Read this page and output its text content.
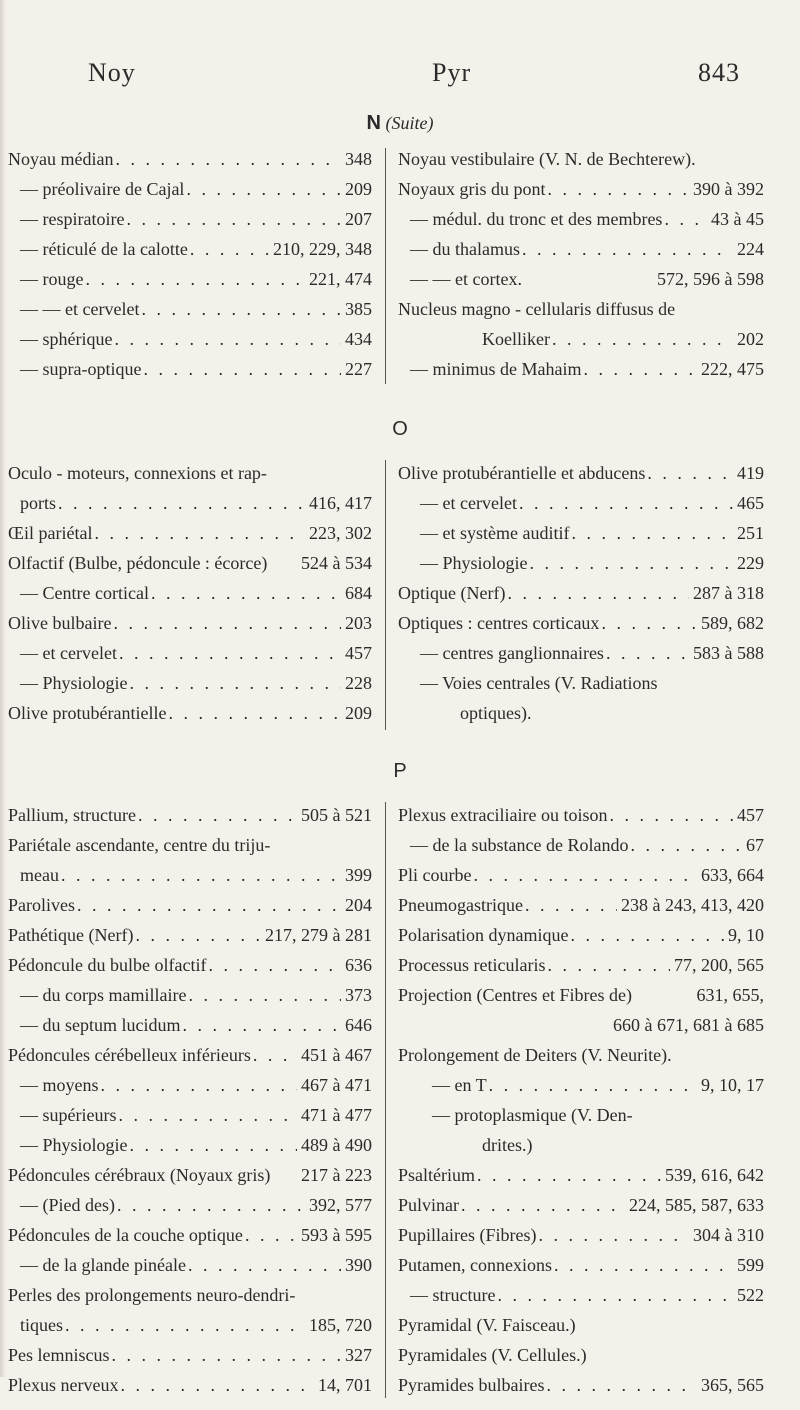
Noy	Pyr	843
N (Suite)
Noyau médian . . .	348
— préolivaire de Cajal . . .	209
— respiratoire . . .	207
— réticulé de la calotte . . .	210, 229, 348
— rouge . . .	221, 474
— — et cervelet . . .	385
— sphérique . . .	434
— supra-optique . . .	227
Noyau vestibulaire (V. N. de Bechterew).
Noyaux gris du pont . . .	390 à 392
— médul. du tronc et des membres . . .	43 à 45
— du thalamus . . .	224
— — et cortex.	572, 596 à 598
Nucleus magno - cellularis diffusus de
Koelliker . . .	202
— minimus de Mahaim . . .	222, 475
O
Oculo - moteurs, connexions et rap-
ports . . .	416, 417
Œil pariétal . . .	223, 302
Olfactif (Bulbe, pédoncule : écorce) 524 à 534
— Centre cortical . . .	684
Olive bulbaire . . .	203
— et cervelet . . .	457
— Physiologie . . .	228
Olive protubérantielle . . .	209
Olive protubérantielle et abducens . . .	419
— et cervelet . . .	465
— et système auditif . . .	251
— Physiologie . . .	229
Optique (Nerf) . . .	287 à 318
Optiques : centres corticaux . . .	589, 682
— centres ganglionnaires . . .	583 à 588
— Voies centrales (V. Radiations
optiques).
P
Pallium, structure . . .	505 à 521
Pariétale ascendante, centre du triju-
meau . . .	399
Parolives . . .	204
Pathétique (Nerf) . . .	217, 279 à 281
Pédoncule du bulbe olfactif . . .	636
— du corps mamillaire . . .	373
— du septum lucidum . . .	646
Pédoncules cérébelleux inférieurs . . .	451 à 467
— moyens . . .	467 à 471
— supérieurs . . .	471 à 477
— Physiologie . . .	489 à 490
Pédoncules cérébraux (Noyaux gris) 217 à 223
— (Pied des) . . .	392, 577
Pédoncules de la couche optique . . .	593 à 595
— de la glande pinéale . . .	390
Perles des prolongements neuro-dendri-
tiques . . .	185, 720
Pes lemniscus . . .	327
Plexus nerveux . . .	14, 701
Plexus extraciliaire ou toison . . .	457
— de la substance de Rolando . . .	67
Pli courbe . . .	633, 664
Pneumogastrique . . .	238 à 243, 413, 420
Polarisation dynamique . . .	9, 10
Processus reticularis . . .	77, 200, 565
Projection (Centres et Fibres de)	631, 655,
660 à 671, 681 à 685
Prolongement de Deiters (V. Neurite).
— en T . . .	9, 10, 17
— protoplasmique (V. Den-
drites.)
Psaltérium . . .	539, 616, 642
Pulvinar . . .	224, 585, 587, 633
Pupillaires (Fibres) . . .	304 à 310
Putamen, connexions . . .	599
— structure . . .	522
Pyramidal (V. Faisceau.)
Pyramidales (V. Cellules.)
Pyramides bulbaires . . .	365, 565
